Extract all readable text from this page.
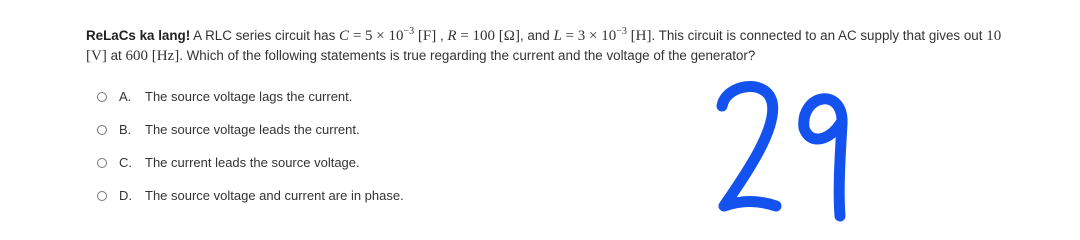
ReLaCs ka lang! A RLC series circuit has $C = 5 \times 10^{-3}$ [F] , R = 100 [Ω], and $L = 3 \times 10^{-3}$ [H]. This circuit is connected to an AC supply that gives out 10 [V] at 600 [Hz]. Which of the following statements is true regarding the current and the voltage of the generator?
A.	The source voltage lags the current.
B.	The source voltage leads the current.
C.	The current leads the source voltage.
D.	The source voltage and current are in phase.
